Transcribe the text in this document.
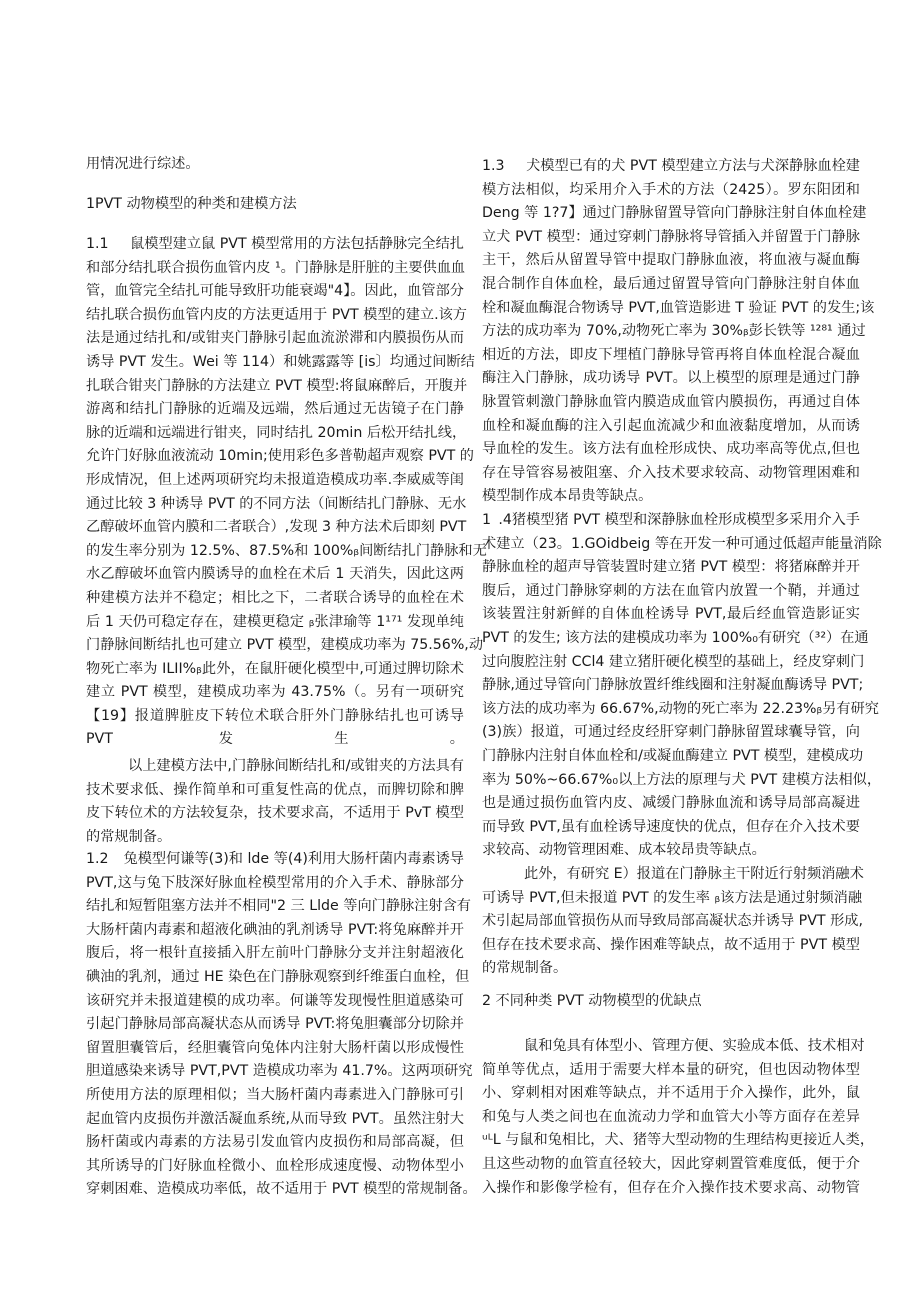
用情况进行综述。
1PVT 动物模型的种类和建模方法
1.1	鼠模型建立鼠 PVT 模型常用的方法包括静脉完全结扎
和部分结扎联合损伤血管内皮 ¹。门静脉是肝脏的主要供血血
管，血管完全结扎可能导致肝功能衰竭"4】。因此，血管部分
结扎联合损伤血管内皮的方法更适用于 PVT 模型的建立.该方
法是通过结扎和/或钳夹门静脉引起血流淤滞和内膜损伤从而
诱导 PVT 发生。Wei 等 114）和姚露露等 [is〕均通过间断结
扎联合钳夹门静脉的方法建立 PVT 模型:将鼠麻醉后，开腹并
游离和结扎门静脉的近端及远端，然后通过无齿镜子在门静
脉的近端和远端进行钳夹，同时结扎 20min 后松开结扎线，
允许门好脉血液流动 10min;使用彩色多普勒超声观察 PVT 的
形成情况，但上述两项研究均未报道造模成功率.李威威等闺
通过比较 3 种诱导 PVT 的不同方法（间断结扎门静脉、无水
乙醇破坏血管内膜和二者联合）,发现 3 种方法术后即刻 PVT
的发生率分别为 12.5%、87.5%和 100%ᵦ间断结扎门静脉和无
水乙醇破坏血管内膜诱导的血栓在术后 1 天消失，因此这两
种建模方法并不稳定；相比之下，二者联合诱导的血栓在术
后 1 天仍可稳定存在，建模更稳定 ᵦ张津瑜等 1¹⁷¹ 发现单纯
门静脉间断结扎也可建立 PVT 模型，建模成功率为 75.56%,动
物死亡率为 ILII%ᵦ此外，在鼠肝硬化模型中,可通过脾切除术
建立 PVT 模型，建模成功率为 43.75%（。另有一项研究
【19】报道脾脏皮下转位术联合肝外门静脉结扎也可诱导
PVT 发生。
以上建模方法中,门静脉间断结扎和/或钳夹的方法具有
技术要求低、操作简单和可重复性高的优点，而脾切除和脾
皮下转位术的方法较复杂，技术要求高，不适用于 PvT 模型
的常规制备。
1.2	兔模型何谦等(3)和 lde 等(4)利用大肠杆菌内毒素诱导
PVT,这与兔下肢深好脉血栓模型常用的介入手术、静脉部分
结扎和短暂阻塞方法并不相同"2 三 Llde 等向门静脉注射含有
大肠杆菌内毒素和超液化碘油的乳剂诱导 PVT:将兔麻醉并开
腹后，将一根针直接插入肝左前叶门静脉分支并注射超液化
碘油的乳剂，通过 HE 染色在门静脉观察到纤维蛋白血栓，但
该研究并未报道建模的成功率。何谦等发现慢性胆道感染可
引起门静脉局部高凝状态从而诱导 PVT:将兔胆囊部分切除并
留置胆囊管后，经胆囊管向兔体内注射大肠杆菌以形成慢性
胆道感染来诱导 PVT,PVT 造模成功率为 41.7%。这两项研究
所使用方法的原理相似；当大肠杆菌内毒素进入门静脉可引
起血管内皮损伤并激活凝血系统,从而导致 PVT。虽然注射大
肠杆菌或内毒素的方法易引发血管内皮损伤和局部高凝，但
其所诱导的门好脉血栓微小、血栓形成速度慢、动物体型小
穿刺困难、造模成功率低，故不适用于 PVT 模型的常规制备。
1.3	犬模型已有的犬 PVT 模型建立方法与犬深静脉血栓建
模方法相似，均采用介入手术的方法（2425）。罗东阳团和
Deng 等 1?7】通过门静脉留置导管向门静脉注射自体血栓建
立犬 PVT 模型：通过穿刺门静脉将导管插入并留置于门静脉
主干，然后从留置导管中提取门静脉血液，将血液与凝血酶
混合制作自体血栓，最后通过留置导管向门静脉注射自体血
栓和凝血酶混合物诱导 PVT,血管造影进 T 验证 PVT 的发生;该
方法的成功率为 70%,动物死亡率为 30%ᵦ彭长铁等 ¹²⁸¹ 通过
相近的方法，即皮下埋植门静脉导管再将自体血栓混合凝血
酶注入门静脉，成功诱导 PVT。以上模型的原理是通过门静
脉置管刺激门静脉血管内膜造成血管内膜损伤，再通过自体
血栓和凝血酶的注入引起血流减少和血液黏度增加，从而诱
导血栓的发生。该方法有血栓形成快、成功率高等优点,但也
存在导管容易被阻塞、介入技术要求较高、动物管理困难和
模型制作成本昂贵等缺点。
1 .4猪模型猪 PVT 模型和深静脉血栓形成模型多采用介入手
术建立（23。1.GOidbeig 等在开发一种可通过低超声能量消除
静脉血栓的超声导管装置时建立猪 PVT 模型：将猪麻醉并开
腹后，通过门静脉穿刺的方法在血管内放置一个鞘，并通过
该装置注射新鲜的自体血栓诱导 PVT,最后经血管造影证实
PVT 的发生; 该方法的建模成功率为 100%₀有研究（³²）在通
过向腹腔注射 CCl4 建立猪肝硬化模型的基础上，经皮穿刺门
静脉,通过导管向门静脉放置纤维线圈和注射凝血酶诱导 PVT;
该方法的成功率为 66.67%,动物的死亡率为 22.23%ᵦ另有研究
(3)族）报道，可通过经皮经肝穿刺门静脉留置球囊导管，向
门静脉内注射自体血栓和/或凝血酶建立 PVT 模型，建模成功
率为 50%~66.67%₀以上方法的原理与犬 PVT 建模方法相似，
也是通过损伤血管内皮、减缓门静脉血流和诱导局部高凝进
而导致 PVT,虽有血栓诱导速度快的优点，但存在介入技术要
求较高、动物管理困难、成本较昂贵等缺点。
此外，有研究 E）报道在门静脉主干附近行射频消融术
可诱导 PVT,但未报道 PVT 的发生率 ᵦ该方法是通过射频消融
术引起局部血管损伤从而导致局部高凝状态并诱导 PVT 形成,
但存在技术要求高、操作困难等缺点，故不适用于 PVT 模型
的常规制备。
2 不同种类 PVT 动物模型的优缺点
鼠和兔具有体型小、管理方便、实验成本低、技术相对
简单等优点，适用于需要大样本量的研究，但也因动物体型
小、穿刺相对困难等缺点，并不适用于介入操作，此外，鼠
和兔与人类之间也在血流动力学和血管大小等方面存在差异
ᵘᴸL 与鼠和兔相比，犬、猪等大型动物的生理结构更接近人类，
且这些动物的血管直径较大，因此穿刺置管难度低，便于介
入操作和影像学检有，但存在介入操作技术要求高、动物管
